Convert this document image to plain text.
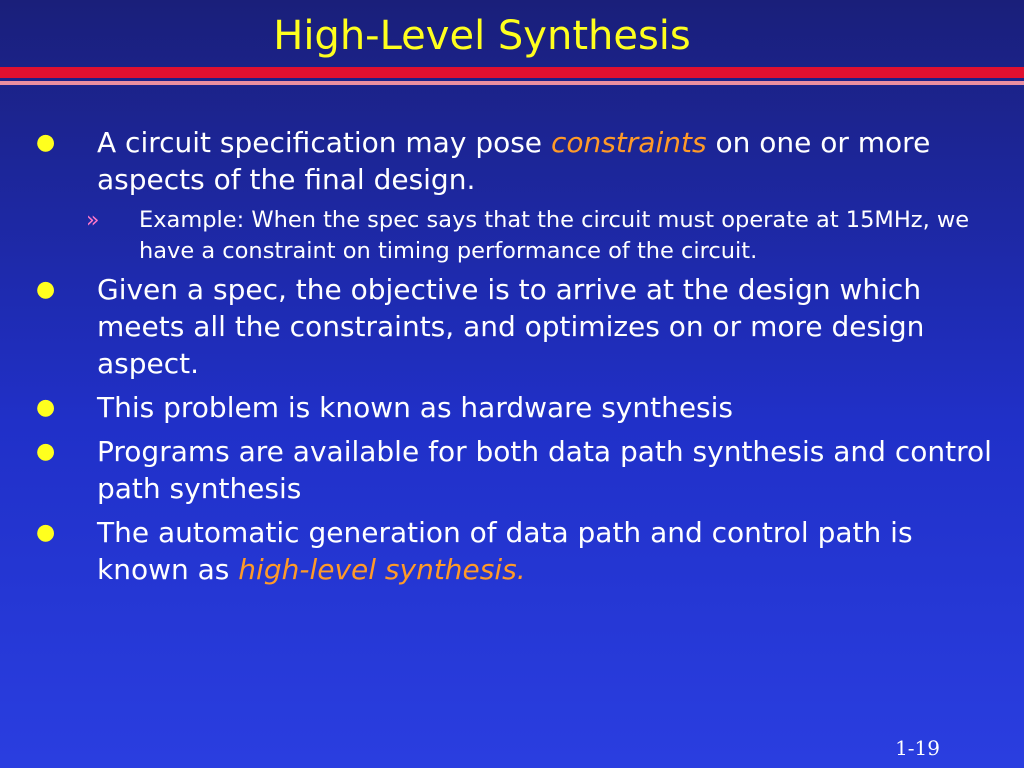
High-Level Synthesis
● A circuit specification may pose constraints on one or more aspects of the final design.
» Example: When the spec says that the circuit must operate at 15MHz, we have a constraint on timing performance of the circuit.
● Given a spec, the objective is to arrive at the design which meets all the constraints, and optimizes on or more design aspect.
● This problem is known as hardware synthesis
● Programs are available for both data path synthesis and control path synthesis
● The automatic generation of data path and control path is known as high-level synthesis.
1-19
